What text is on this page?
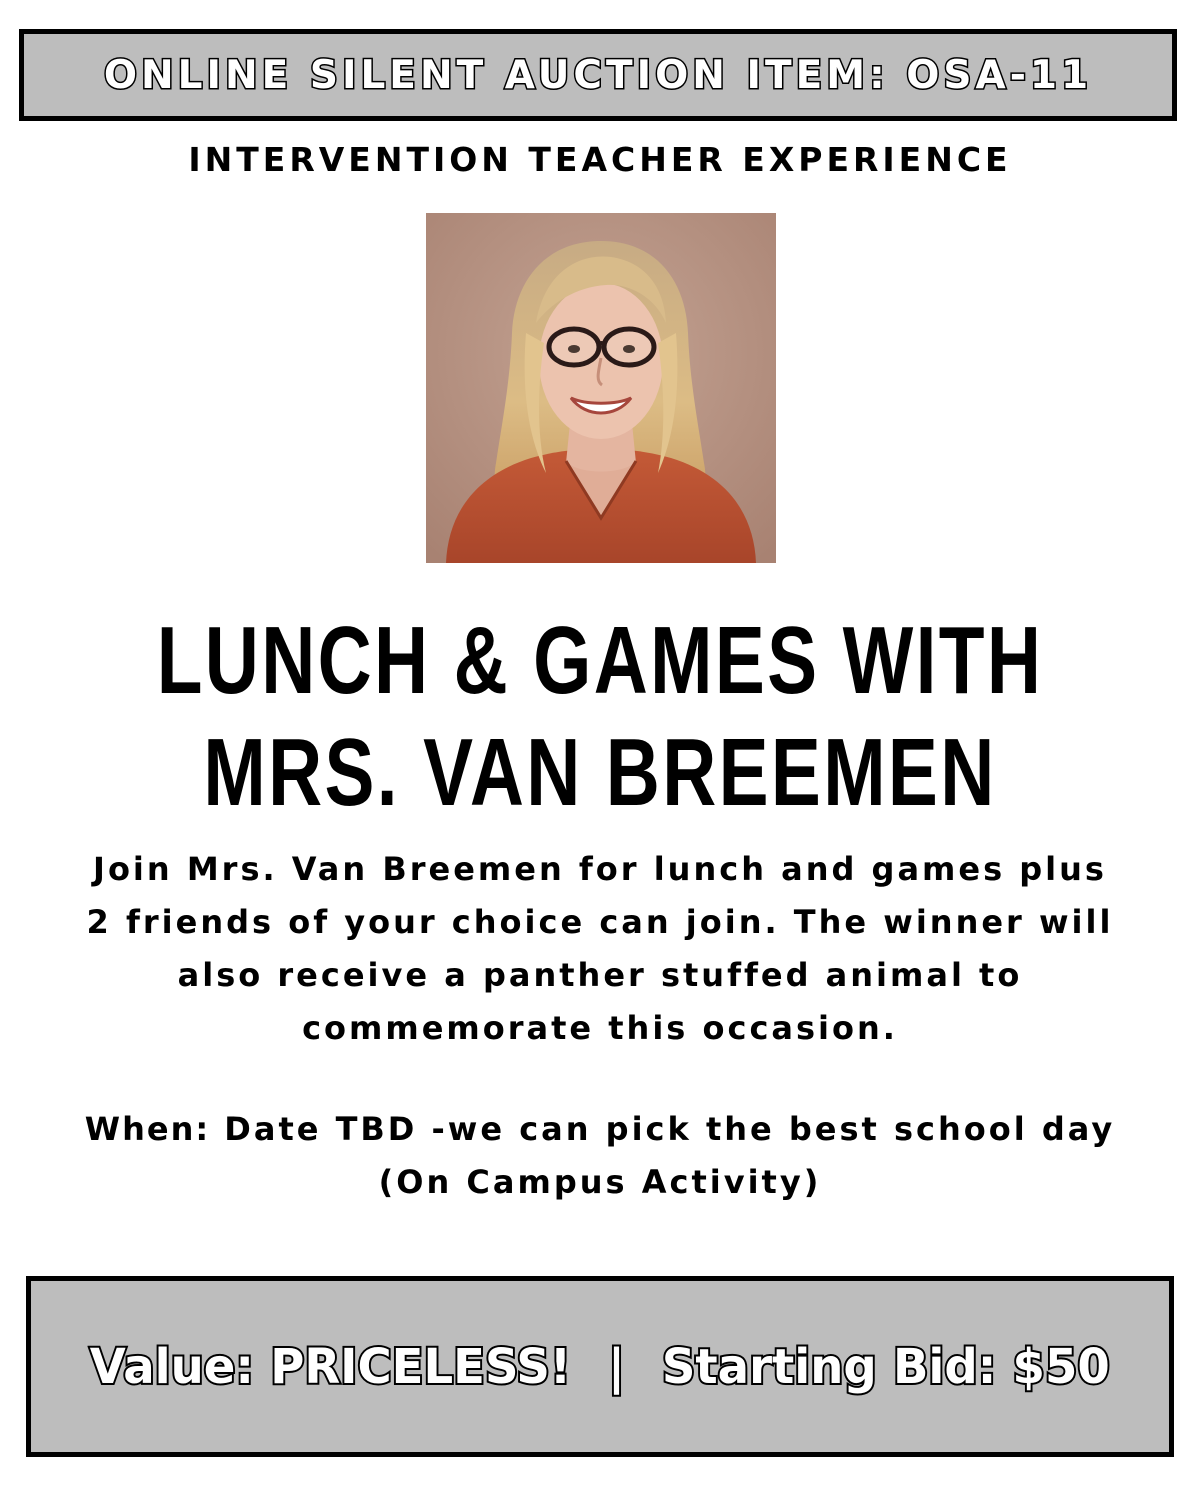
ONLINE SILENT AUCTION ITEM: OSA-11
INTERVENTION TEACHER EXPERIENCE
LUNCH & GAMES WITH
MRS. VAN BREEMEN
Join Mrs. Van Breemen for lunch and games plus
2 friends of your choice can join. The winner will
also receive a panther stuffed animal to
commemorate this occasion.
When: Date TBD -we can pick the best school day
(On Campus Activity)
Value: PRICELESS! | Starting Bid: $50
